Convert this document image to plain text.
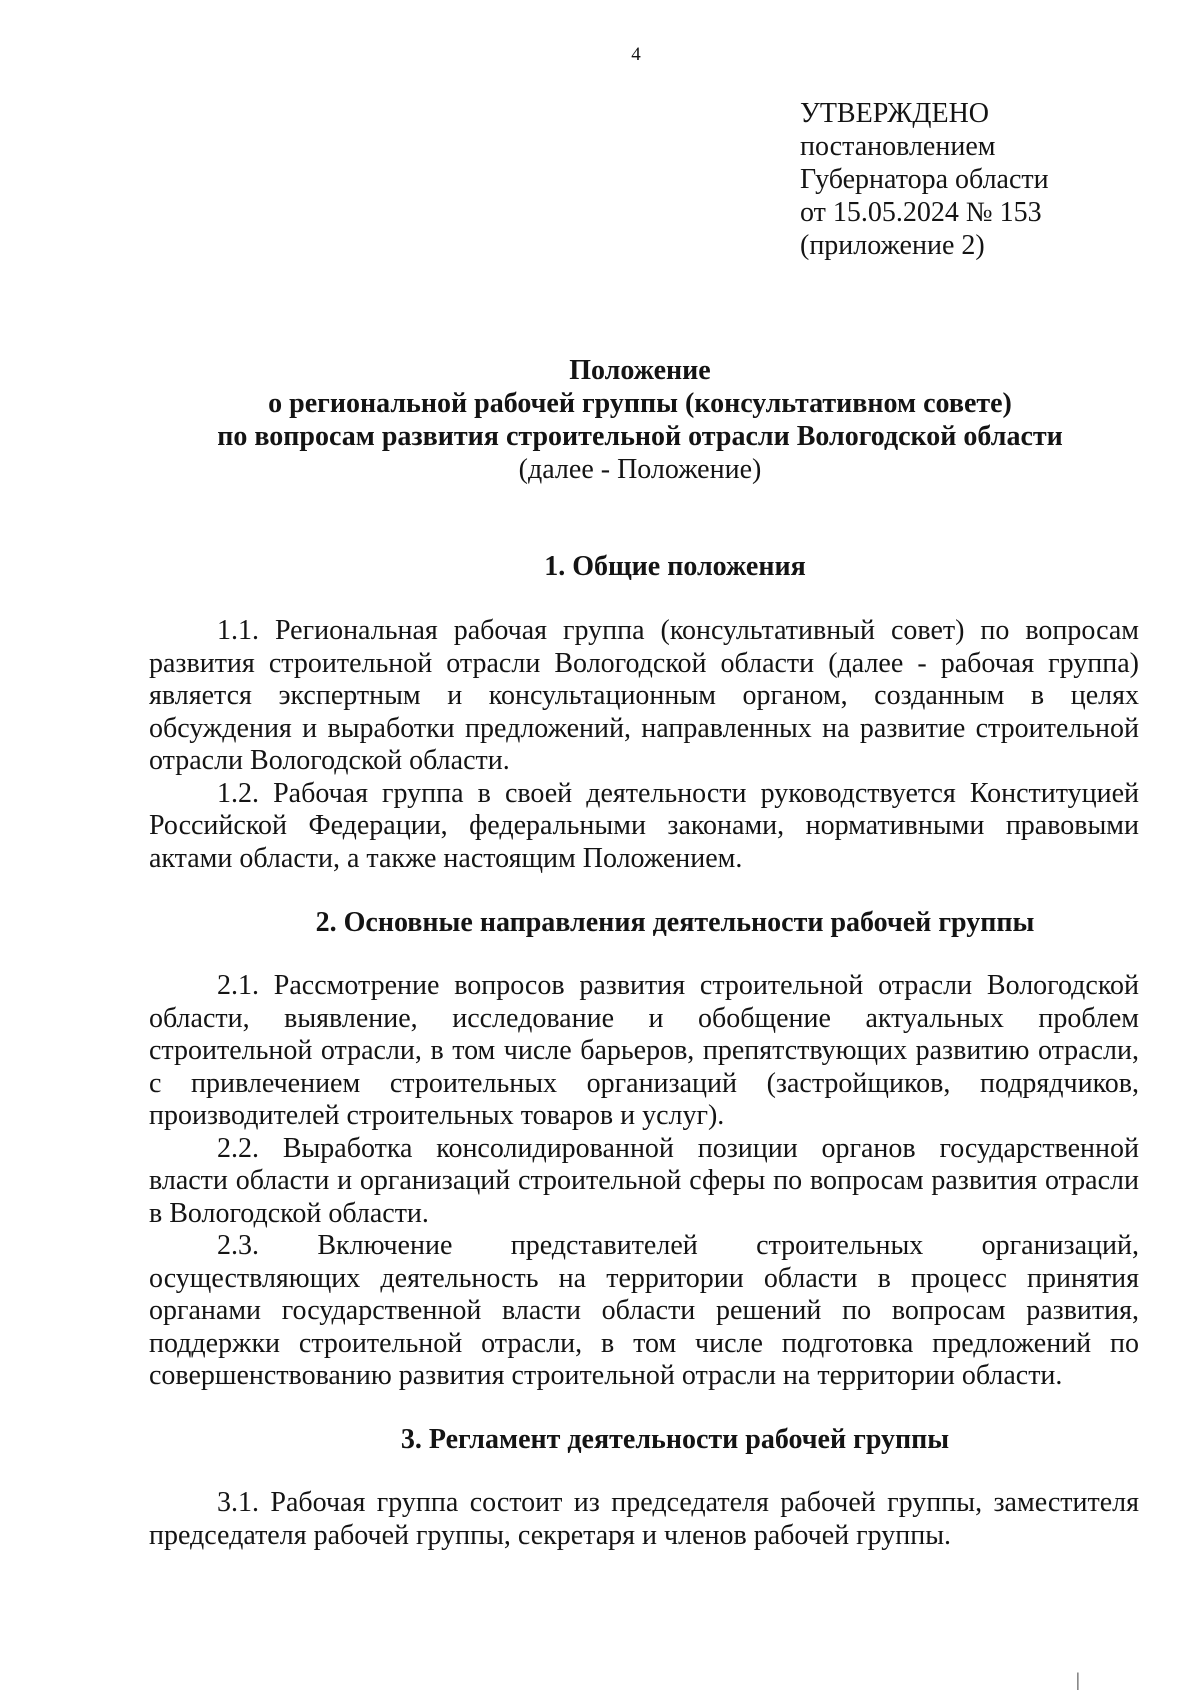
4
УТВЕРЖДЕНО
постановлением
Губернатора области
от 15.05.2024 № 153
(приложение 2)
Положение
о региональной рабочей группы (консультативном совете)
по вопросам развития строительной отрасли Вологодской области
(далее - Положение)
1. Общие положения

1.1. Региональная рабочая группа (консультативный совет) по вопросам развития строительной отрасли Вологодской области (далее - рабочая группа) является экспертным и консультационным органом, созданным в целях обсуждения и выработки предложений, направленных на развитие строительной отрасли Вологодской области.

1.2. Рабочая группа в своей деятельности руководствуется Конституцией Российской Федерации, федеральными законами, нормативными правовыми актами области, а также настоящим Положением.

2. Основные направления деятельности рабочей группы

2.1. Рассмотрение вопросов развития строительной отрасли Вологодской области, выявление, исследование и обобщение актуальных проблем строительной отрасли, в том числе барьеров, препятствующих развитию отрасли, с привлечением строительных организаций (застройщиков, подрядчиков, производителей строительных товаров и услуг).

2.2. Выработка консолидированной позиции органов государственной власти области и организаций строительной сферы по вопросам развития отрасли в Вологодской области.

2.3. Включение представителей строительных организаций, осуществляющих деятельность на территории области в процесс принятия органами государственной власти области решений по вопросам развития, поддержки строительной отрасли, в том числе подготовка предложений по совершенствованию развития строительной отрасли на территории области.

3. Регламент деятельности рабочей группы

3.1. Рабочая группа состоит из председателя рабочей группы, заместителя председателя рабочей группы, секретаря и членов рабочей группы.

|
